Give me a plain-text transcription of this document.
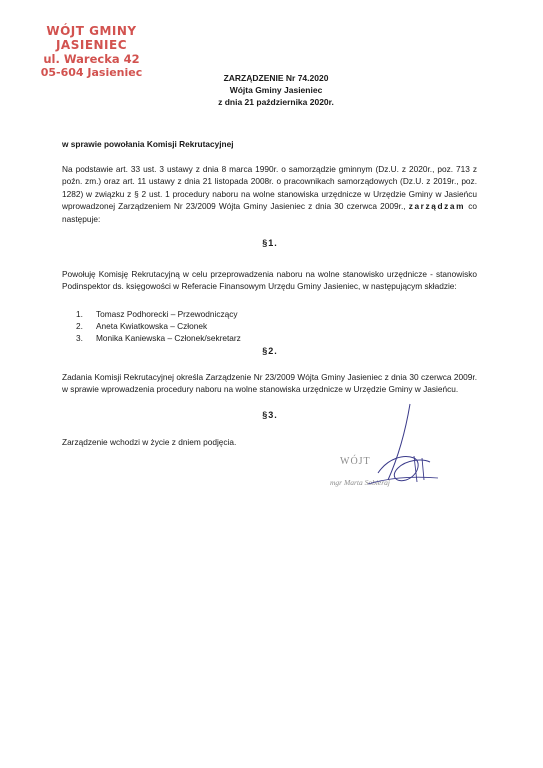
WÓJT GMINY
JASIENIEC
ul. Warecka 42
05-604 Jasieniec	ZARZĄDZENIE Nr 74.2020
Wójta Gminy Jasieniec
z dnia 21 października 2020r.
w sprawie powołania Komisji Rekrutacyjnej
Na podstawie art. 33 ust. 3 ustawy z dnia 8 marca 1990r. o samorządzie gminnym (Dz.U. z 2020r., poz. 713 z poźn. zm.) oraz art. 11 ustawy z dnia 21 listopada 2008r. o pracownikach samorządowych (Dz.U. z 2019r., poz. 1282) w związku z § 2 ust. 1 procedury naboru na wolne stanowiska urzędnicze w Urzędzie Gminy w Jasieńcu wprowadzonej Zarządzeniem Nr 23/2009 Wójta Gminy Jasieniec z dnia 30 czerwca 2009r., zarządzam co następuje:
§1.
Powołuję Komisję Rekrutacyjną w celu przeprowadzenia naboru na wolne stanowisko urzędnicze - stanowisko Podinspektor ds. księgowości w Referacie Finansowym Urzędu Gminy Jasieniec, w następującym składzie:
1.	Tomasz Podhorecki – Przewodniczący
2.	Aneta Kwiatkowska – Członek
3.	Monika Kaniewska – Członek/sekretarz
§2.
Zadania Komisji Rekrutacyjnej określa Zarządzenie Nr 23/2009 Wójta Gminy Jasieniec z dnia 30 czerwca 2009r. w sprawie wprowadzenia procedury naboru na wolne stanowiska urzędnicze w Urzędzie Gminy w Jasieńcu.
§3.
Zarządzenie wchodzi w życie z dniem podjęcia.
WÓJT
mgr Marta Sobieraj
